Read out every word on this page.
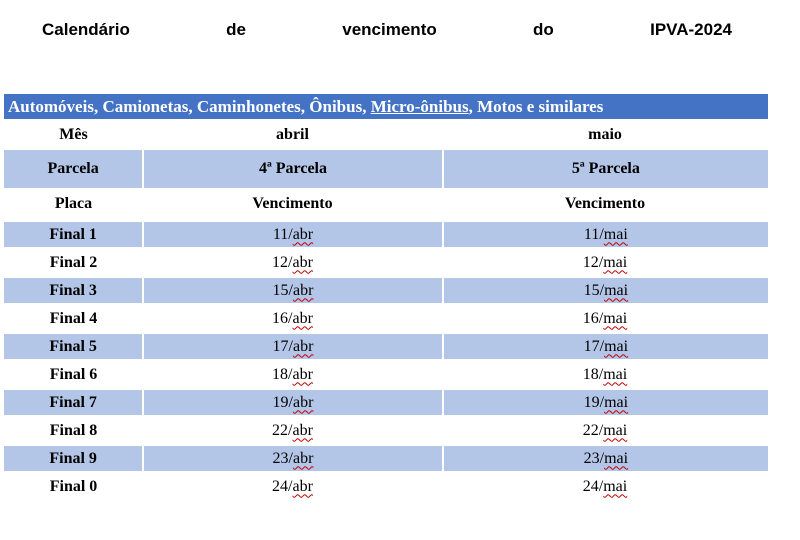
Calendário	de	vencimento	do	IPVA-2024
Automóveis, Camionetas, Caminhonetes, Ônibus, Micro-ônibus, Motos e similares
Mês	abril	maio
Parcela	4ª Parcela	5ª Parcela
Placa	Vencimento	Vencimento
Final 1	11/ abr	11/ mai
Final 2	12/ abr	12/ mai
Final 3	15/ abr	15/ mai
Final 4	16/ abr	16/ mai
Final 5	17/ abr	17/ mai
Final 6	18/ abr	18/ mai
Final 7	19/ abr	19/ mai
Final 8	22/ abr	22/ mai
Final 9	23/ abr	23/ mai
Final 0	24/ abr	24/ mai
